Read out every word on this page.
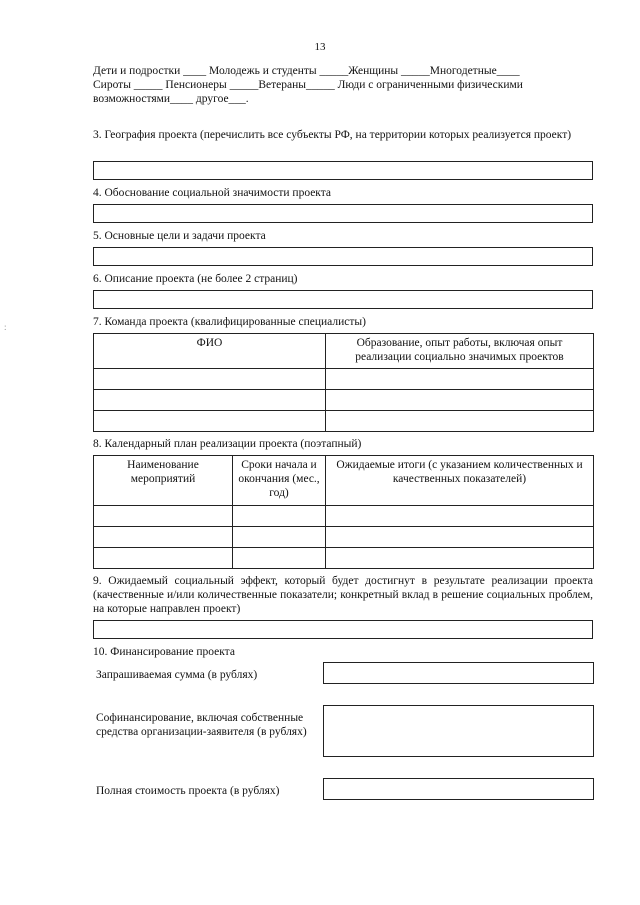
13
Дети и подростки ____ Молодежь и студенты _____Женщины _____Многодетные____
Сироты _____ Пенсионеры _____Ветераны_____ Люди с ограниченными физическими
возможностями____ другое___.
:
3. География проекта (перечислить все субъекты РФ, на территории которых реализуется проект)
4. Обоснование социальной значимости проекта
5. Основные цели и задачи проекта
6. Описание проекта (не более 2 страниц)
7. Команда проекта (квалифицированные специалисты)
ФИО	Образование, опыт работы, включая опыт реализации социально значимых проектов

8. Календарный план реализации проекта (поэтапный)
Наименование мероприятий	Сроки начала и окончания (мес., год)	Ожидаемые итоги (с указанием количественных и качественных показателей)

9. Ожидаемый социальный эффект, который будет достигнут в результате реализации проекта (качественные и/или количественные показатели; конкретный вклад в решение социальных проблем, на которые направлен проект)
10. Финансирование проекта
Запрашиваемая сумма (в рублях)
Софинансирование, включая собственные средства организации-заявителя (в рублях)
Полная стоимость проекта (в рублях)
